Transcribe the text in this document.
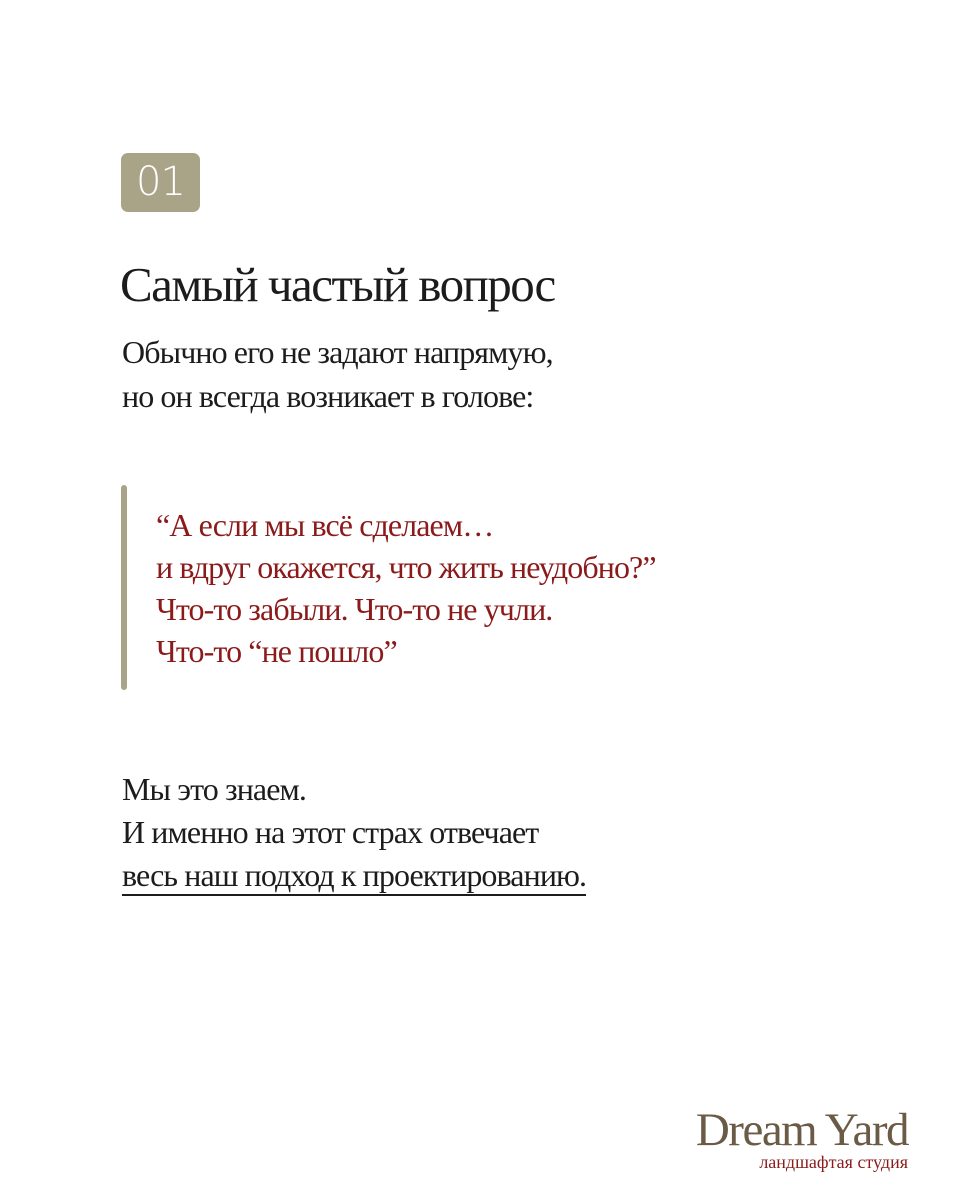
01
Самый частый вопрос
Обычно его не задают напрямую,
но он всегда возникает в голове:
“А если мы всё сделаем…
и вдруг окажется, что жить неудобно?”
Что-то забыли. Что-то не учли.
Что-то “не пошло”
Мы это знаем.
И именно на этот страх отвечает
весь наш подход к проектированию.
Dream Yard
ландшафтая студия
